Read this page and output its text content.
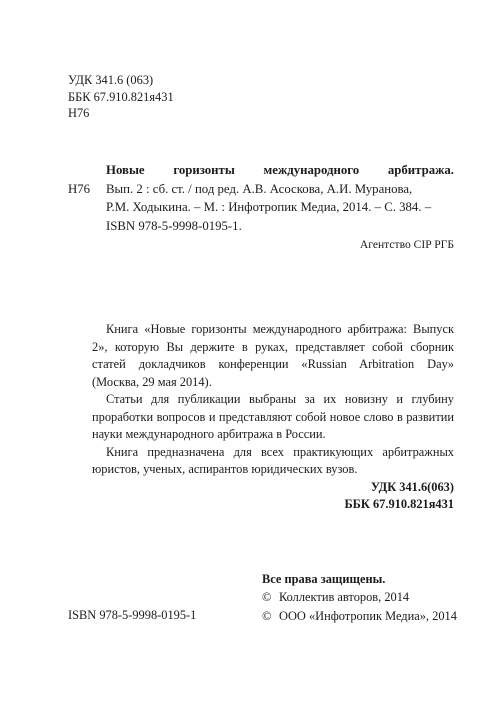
УДК 341.6 (063)
ББК 67.910.821я431
Н76
Новые горизонты международного арбитража.
Н76	Вып. 2 : сб. ст. / под ред. А.В. Асоскова, А.И. Муранова,
Р.М. Ходыкина. – М. : Инфотропик Медиа, 2014. – С. 384. –
ISBN 978-5-9998-0195-1.
Агентство CIP РГБ

Книга «Новые горизонты международного арбитража: Выпуск 2», которую Вы держите в руках, представляет собой сборник статей докладчиков конференции «Russian Arbitration Day» (Москва, 29 мая 2014).

Статьи для публикации выбраны за их новизну и глубину проработки вопросов и представляют собой новое слово в развитии науки международного арбитража в России.

Книга предназначена для всех практикующих арбитражных юристов, ученых, аспирантов юридических вузов.

УДК 341.6(063)
ББК 67.910.821я431
ISBN 978-5-9998-0195-1
Все права защищены.
© Коллектив авторов, 2014
© ООО «Инфотропик Медиа», 2014
